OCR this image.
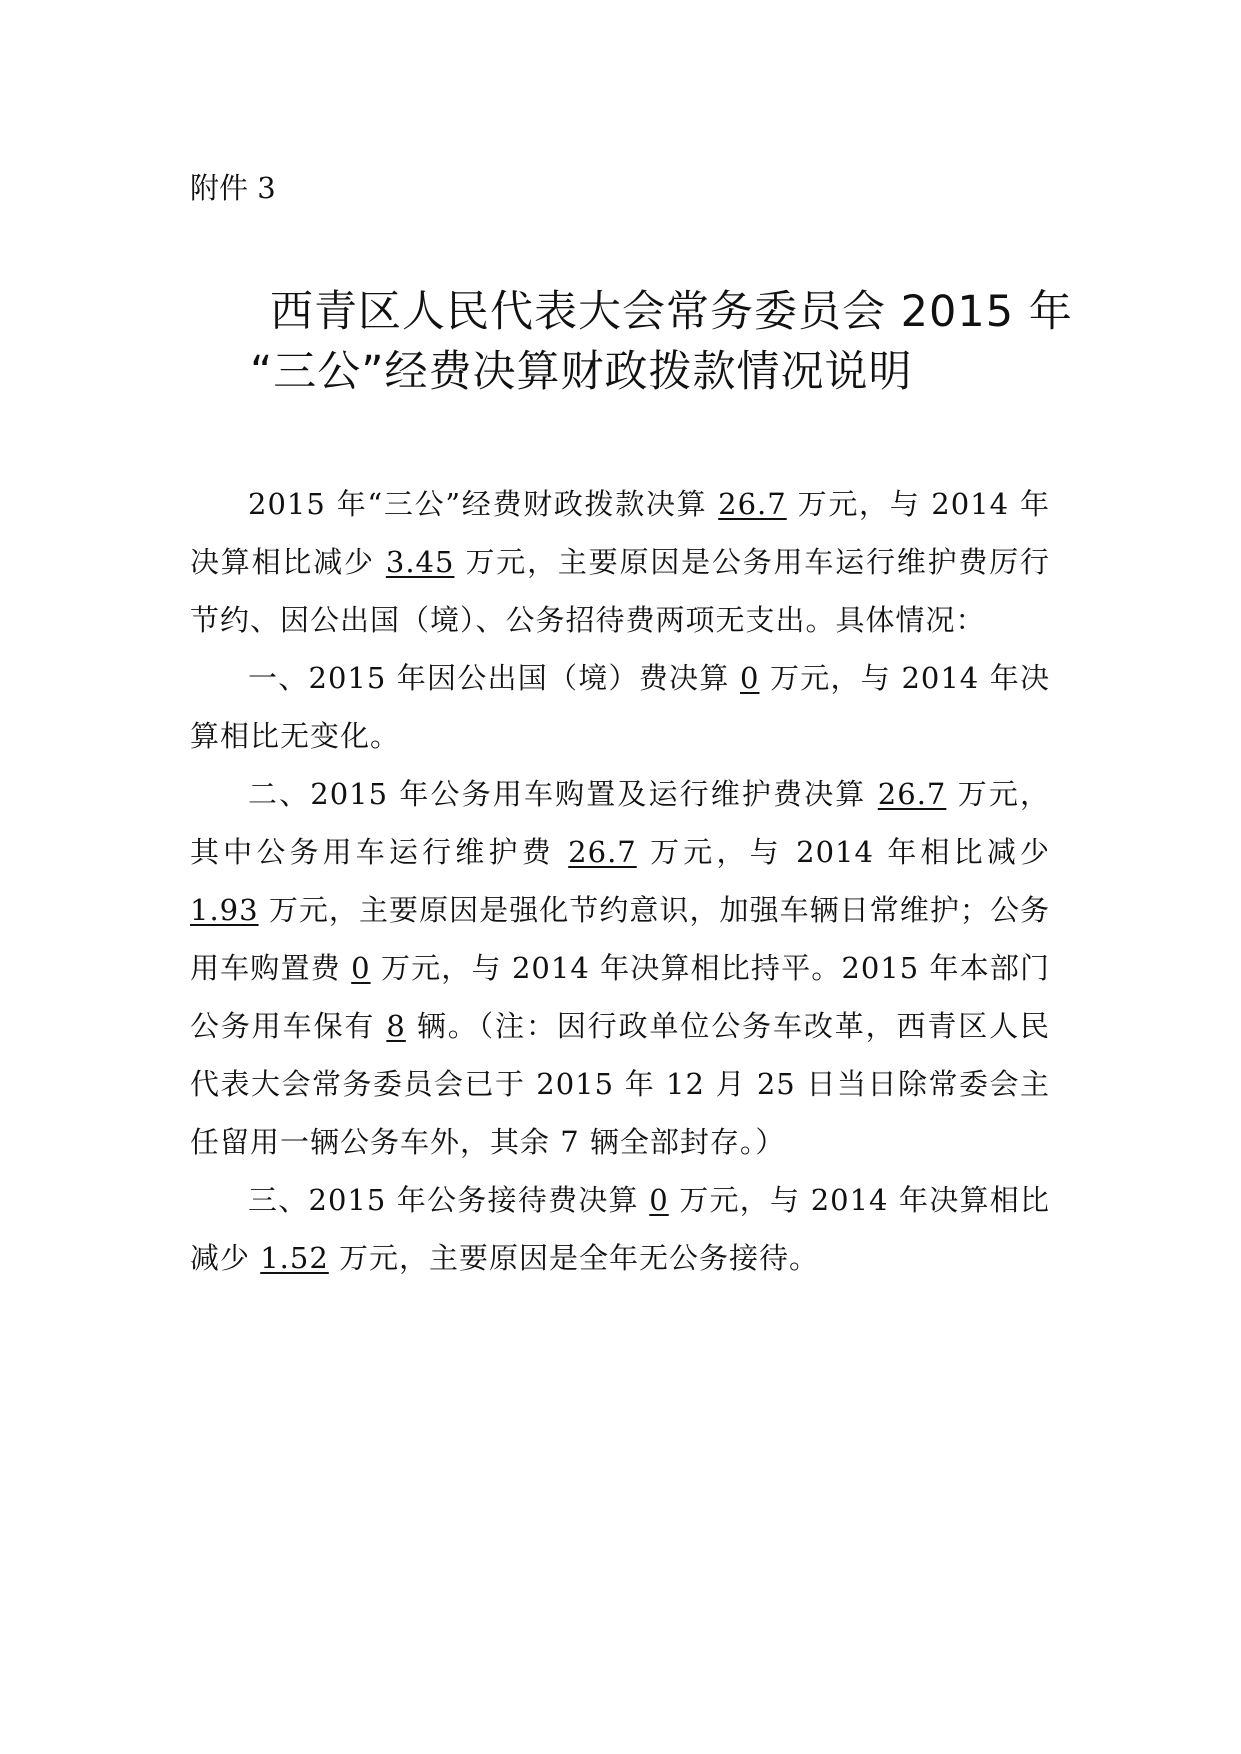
附件 3
西青区人民代表大会常务委员会 2015 年
“三公”经费决算财政拨款情况说明

2015 年“三公”经费财政拨款决算 26.7 万元，与 2014 年决算相比减少 3.45 万元，主要原因是公务用车运行维护费厉行节约、因公出国（境）、公务招待费两项无支出。具体情况：

一、2015 年因公出国（境）费决算 0 万元，与 2014 年决算相比无变化。

二、2015 年公务用车购置及运行维护费决算 26.7 万元，其中公务用车运行维护费 26.7 万元，与 2014 年相比减少 1.93 万元，主要原因是强化节约意识，加强车辆日常维护；公务用车购置费 0 万元，与 2014 年决算相比持平。2015 年本部门公务用车保有 8 辆。（注：因行政单位公务车改革，西青区人民代表大会常务委员会已于 2015 年 12 月 25 日当日除常委会主任留用一辆公务车外，其余 7 辆全部封存。）

三、2015 年公务接待费决算 0 万元，与 2014 年决算相比减少 1.52 万元，主要原因是全年无公务接待。
